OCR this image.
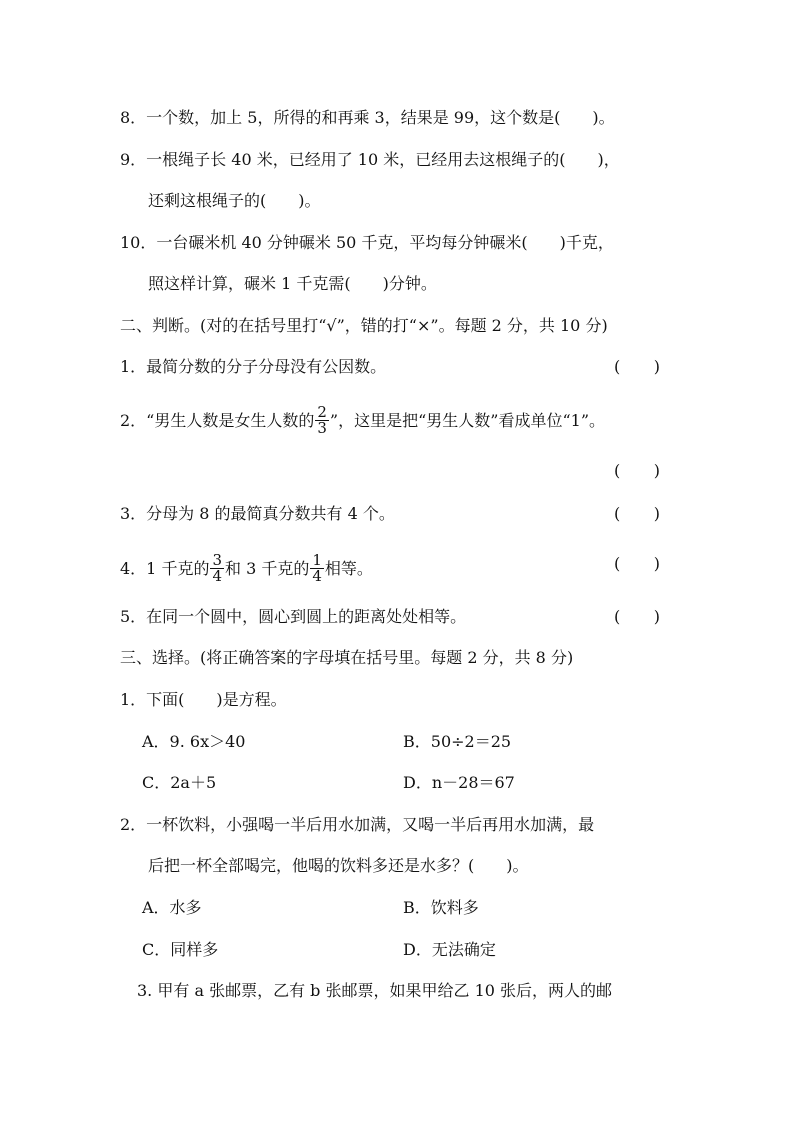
8．一个数，加上 5，所得的和再乘 3，结果是 99，这个数是(　　)。
9．一根绳子长 40 米，已经用了 10 米，已经用去这根绳子的(　　)，
还剩这根绳子的(　　)。
10．一台碾米机 40 分钟碾米 50 千克，平均每分钟碾米(　　)千克，
照这样计算，碾米 1 千克需(　　)分钟。
二、判断。(对的在括号里打“√”，错的打“×”。每题 2 分，共 10 分)
1．最简分数的分子分母没有公因数。	( )
2．“男生人数是女生人数的 $\frac{2}{3}$ ”，这里是把“男生人数”看成单位“1”。
( )
3．分母为 8 的最简真分数共有 4 个。	( )
4．1 千克的 $\frac{3}{4}$ 和 3 千克的 $\frac{1}{4}$ 相等。	( )
5．在同一个圆中，圆心到圆上的距离处处相等。	( )
三、选择。(将正确答案的字母填在括号里。每题 2 分，共 8 分)
1．下面(　　)是方程。
A．9. 6x＞40	B．50÷2＝25
C．2a＋5	D．n－28＝67
2．一杯饮料，小强喝一半后用水加满，又喝一半后再用水加满，最
后把一杯全部喝完，他喝的饮料多还是水多？(　　)。
A．水多	B．饮料多
C．同样多	D．无法确定
3. 甲有 a 张邮票，乙有 b 张邮票，如果甲给乙 10 张后，两人的邮
